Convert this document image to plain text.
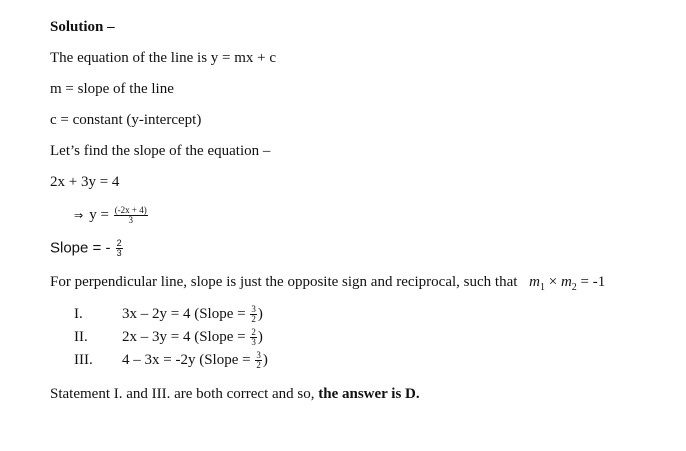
Solution –
The equation of the line is y = mx + c
m = slope of the line
c = constant (y-intercept)
Let’s find the slope of the equation –
2x + 3y = 4
⇒ $y = \frac{(-2x + 4)}{3}$
Slope = - $\frac{2}{3}$
For perpendicular line, slope is just the opposite sign and reciprocal, such that $m_1 \times m_2 = -1$
I.	3x – 2y = 4 (Slope = $\frac{3}{2}$ )
II. 2x – 3y = 4 (Slope = $\frac{2}{3}$ )
III. 4 – 3x = -2y (Slope = $\frac{3}{2}$ )
Statement I. and III. are both correct and so, the answer is D.
